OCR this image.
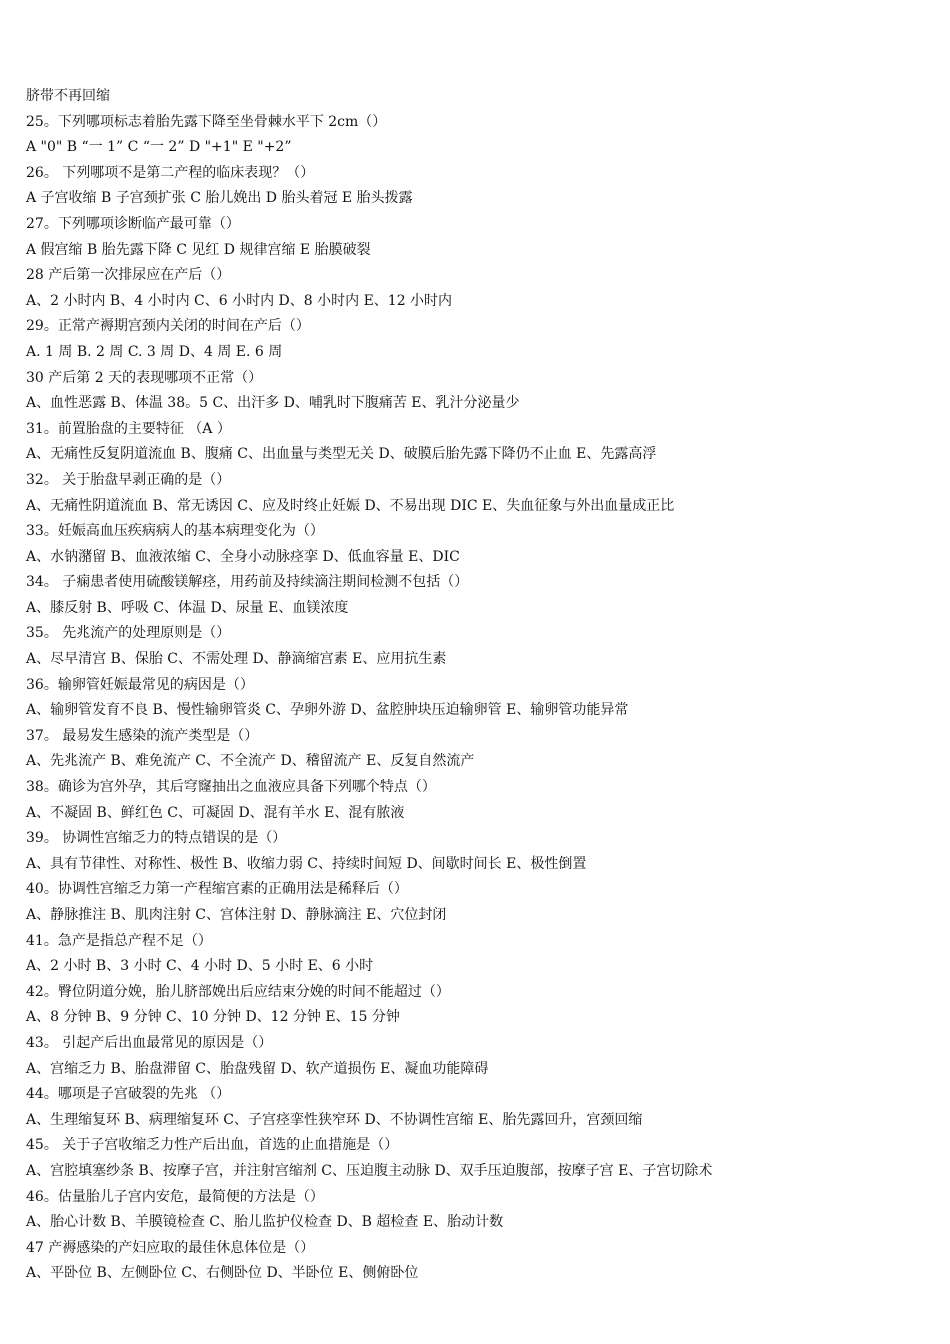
脐带不再回缩

25。下列哪项标志着胎先露下降至坐骨棘水平下 2cm（）

A "0" B “一 1” C “一 2” D "+1" E "+2”

26。 下列哪项不是第二产程的临床表现？（）

A 子宫收缩 B 子宫颈扩张 C 胎儿娩出 D 胎头着冠 E 胎头拨露

27。下列哪项诊断临产最可靠（）

A 假宫缩 B 胎先露下降 C 见红 D 规律宫缩 E 胎膜破裂

28 产后第一次排尿应在产后（）

A、2 小时内 B、4 小时内 C、6 小时内 D、8 小时内 E、12 小时内

29。正常产褥期宫颈内关闭的时间在产后（）

A. 1 周 B. 2 周 C. 3 周 D、4 周 E. 6 周

30 产后第 2 天的表现哪项不正常（）

A、血性恶露 B、体温 38。5 C、出汗多 D、哺乳时下腹痛苦 E、乳汁分泌量少

31。前置胎盘的主要特征 （A ）

A、无痛性反复阴道流血 B、腹痛 C、出血量与类型无关 D、破膜后胎先露下降仍不止血 E、先露高浮

32。 关于胎盘早剥正确的是（）

A、无痛性阴道流血 B、常无诱因 C、应及时终止妊娠 D、不易出现 DIC E、失血征象与外出血量成正比

33。妊娠高血压疾病病人的基本病理变化为（）

A、水钠潴留 B、血液浓缩 C、全身小动脉痉挛 D、低血容量 E、DIC

34。 子痫患者使用硫酸镁解痉，用药前及持续滴注期间检测不包括（）

A、膝反射 B、呼吸 C、体温 D、尿量 E、血镁浓度

35。 先兆流产的处理原则是（）

A、尽早清宫 B、保胎 C、不需处理 D、静滴缩宫素 E、应用抗生素

36。输卵管妊娠最常见的病因是（）

A、输卵管发育不良 B、慢性输卵管炎 C、孕卵外游 D、盆腔肿块压迫输卵管 E、输卵管功能异常

37。 最易发生感染的流产类型是（）

A、先兆流产 B、难免流产 C、不全流产 D、稽留流产 E、反复自然流产

38。确诊为宫外孕，其后穹窿抽出之血液应具备下列哪个特点（）

A、不凝固 B、鲜红色 C、可凝固 D、混有羊水 E、混有脓液

39。 协调性宫缩乏力的特点错误的是（）

A、具有节律性、对称性、极性 B、收缩力弱 C、持续时间短 D、间歇时间长 E、极性倒置

40。协调性宫缩乏力第一产程缩宫素的正确用法是稀释后（）

A、静脉推注 B、肌肉注射 C、宫体注射 D、静脉滴注 E、穴位封闭

41。急产是指总产程不足（）

A、2 小时 B、3 小时 C、4 小时 D、5 小时 E、6 小时

42。臀位阴道分娩，胎儿脐部娩出后应结束分娩的时间不能超过（）

A、8 分钟 B、9 分钟 C、10 分钟 D、12 分钟 E、15 分钟

43。 引起产后出血最常见的原因是（）

A、宫缩乏力 B、胎盘滞留 C、胎盘残留 D、软产道损伤 E、凝血功能障碍

44。哪项是子宫破裂的先兆 （）

A、生理缩复环 B、病理缩复环 C、子宫痉挛性狭窄环 D、不协调性宫缩 E、胎先露回升，宫颈回缩

45。 关于子宫收缩乏力性产后出血，首选的止血措施是（）

A、宫腔填塞纱条 B、按摩子宫，并注射宫缩剂 C、压迫腹主动脉 D、双手压迫腹部，按摩子宫 E、子宫切除术

46。估量胎儿子宫内安危，最简便的方法是（）

A、胎心计数 B、羊膜镜检查 C、胎儿监护仪检查 D、B 超检查 E、胎动计数

47 产褥感染的产妇应取的最佳休息体位是（）

A、平卧位 B、左侧卧位 C、右侧卧位 D、半卧位 E、侧俯卧位
